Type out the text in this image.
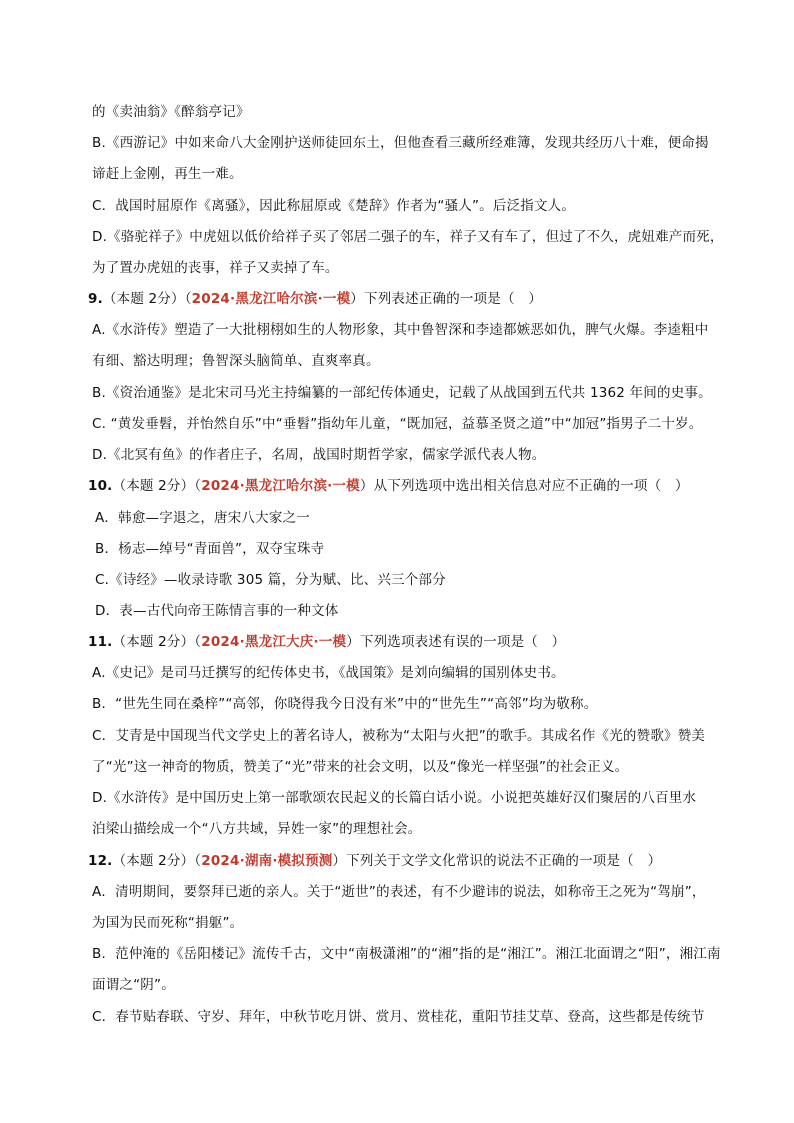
的《卖油翁》《醉翁亭记》
B.《西游记》中如来命八大金刚护送师徒回东土，但他查看三藏所经难簿，发现共经历八十难，便命揭
谛赶上金刚，再生一难。
C．战国时屈原作《离骚》，因此称屈原或《楚辞》作者为“骚人”。后泛指文人。
D.《骆驼祥子》中虎妞以低价给祥子买了邻居二强子的车，祥子又有车了，但过了不久，虎妞难产而死，
为了置办虎妞的丧事，祥子又卖掉了车。
9.（本题 2分）（2024·黑龙江哈尔滨·一模）下列表述正确的一项是（　）
A.《水浒传》塑造了一大批栩栩如生的人物形象，其中鲁智深和李逵都嫉恶如仇，脾气火爆。李逵粗中
有细、豁达明理；鲁智深头脑简单、直爽率真。
B.《资治通鉴》是北宋司马光主持编纂的一部纪传体通史，记载了从战国到五代共 1362 年间的史事。
C. “黄发垂髫，并怡然自乐”中“垂髫”指幼年儿童，“既加冠，益慕圣贤之道”中“加冠”指男子二十岁。
D.《北冥有鱼》的作者庄子，名周，战国时期哲学家，儒家学派代表人物。
10.（本题 2分）（2024·黑龙江哈尔滨·一模）从下列选项中选出相关信息对应不正确的一项（　）
A．韩愈—字退之，唐宋八大家之一
B．杨志—绰号“青面兽”，双夺宝珠寺
C.《诗经》—收录诗歌 305 篇，分为赋、比、兴三个部分
D．表—古代向帝王陈情言事的一种文体
11.（本题 2分）（2024·黑龙江大庆·一模）下列选项表述有误的一项是（　）
A.《史记》是司马迁撰写的纪传体史书，《战国策》是刘向编辑的国别体史书。
B．“世先生同在桑梓”“高邻，你晓得我今日没有米”中的“世先生”“高邻”均为敬称。
C．艾青是中国现当代文学史上的著名诗人，被称为“太阳与火把”的歌手。其成名作《光的赞歌》赞美
了“光”这一神奇的物质，赞美了“光”带来的社会文明，以及“像光一样坚强”的社会正义。
D.《水浒传》是中国历史上第一部歌颂农民起义的长篇白话小说。小说把英雄好汉们聚居的八百里水
泊梁山描绘成一个“八方共域，异姓一家”的理想社会。
12.（本题 2分）（2024·湖南·模拟预测）下列关于文学文化常识的说法不正确的一项是（　）
A．清明期间，要祭拜已逝的亲人。关于“逝世”的表述，有不少避讳的说法，如称帝王之死为“驾崩”，
为国为民而死称“捐躯”。
B．范仲淹的《岳阳楼记》流传千古，文中“南极潇湘”的“湘”指的是“湘江”。湘江北面谓之“阳”，湘江南
面谓之“阴”。
C．春节贴春联、守岁、拜年，中秋节吃月饼、赏月、赏桂花，重阳节挂艾草、登高，这些都是传统节
